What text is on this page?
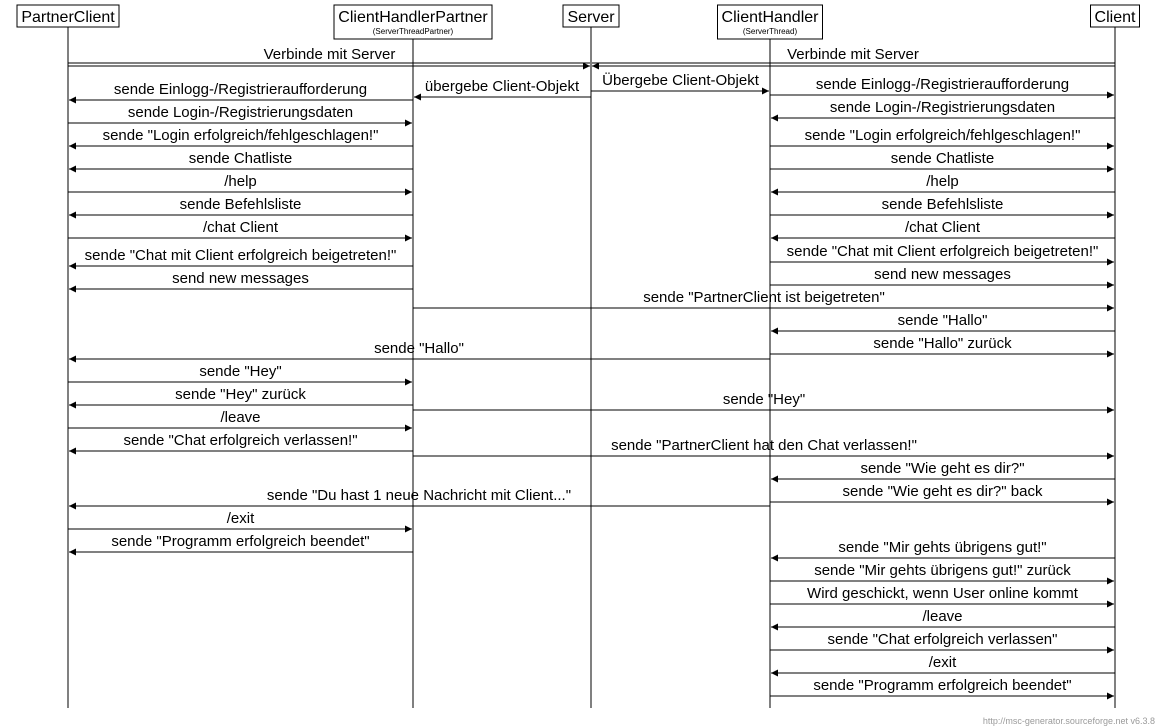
PartnerClient	ClientHandlerPartner
(ServerThreadPartner)
Server	ClientHandler
(ServerThread)
Client
Verbinde mit Server	Verbinde mit Server
sende Einlogg-/Registrieraufforderung	übergebe Client-Objekt Übergebe Client-Objekt	sende Einlogg-/Registrieraufforderung
sende Login-/Registrierungsdaten	sende Login-/Registrierungsdaten
sende "Login erfolgreich/fehlgeschlagen!"
sende "Login erfolgreich/fehlgeschlagen!"
sende Chatliste
sende Chatliste
/help
/help
sende Befehlsliste
sende Befehlsliste
/chat Client
/chat Client
sende "Chat mit Client erfolgreich beigetreten!"
sende "Chat mit Client erfolgreich beigetreten!"
send new messages
send new messages
sende "PartnerClient ist beigetreten"
sende "Hallo"
sende "Hallo" zurück
sende "Hallo"
sende "Hey"
sende "Hey" zurück	sende "Hey"
/leave
sende "Chat erfolgreich verlassen!"	sende "PartnerClient hat den Chat verlassen!"
sende "Wie geht es dir?"
sende "Wie geht es dir?" back
sende "Du hast 1 neue Nachricht mit Client..."
/exit
sende "Programm erfolgreich beendet"	sende "Mir gehts übrigens gut!"
sende "Mir gehts übrigens gut!" zurück
Wird geschickt, wenn User online kommt
/leave
sende "Chat erfolgreich verlassen"
/exit
sende "Programm erfolgreich beendet"
http://msc-generator.sourceforge.net v6.3.8
